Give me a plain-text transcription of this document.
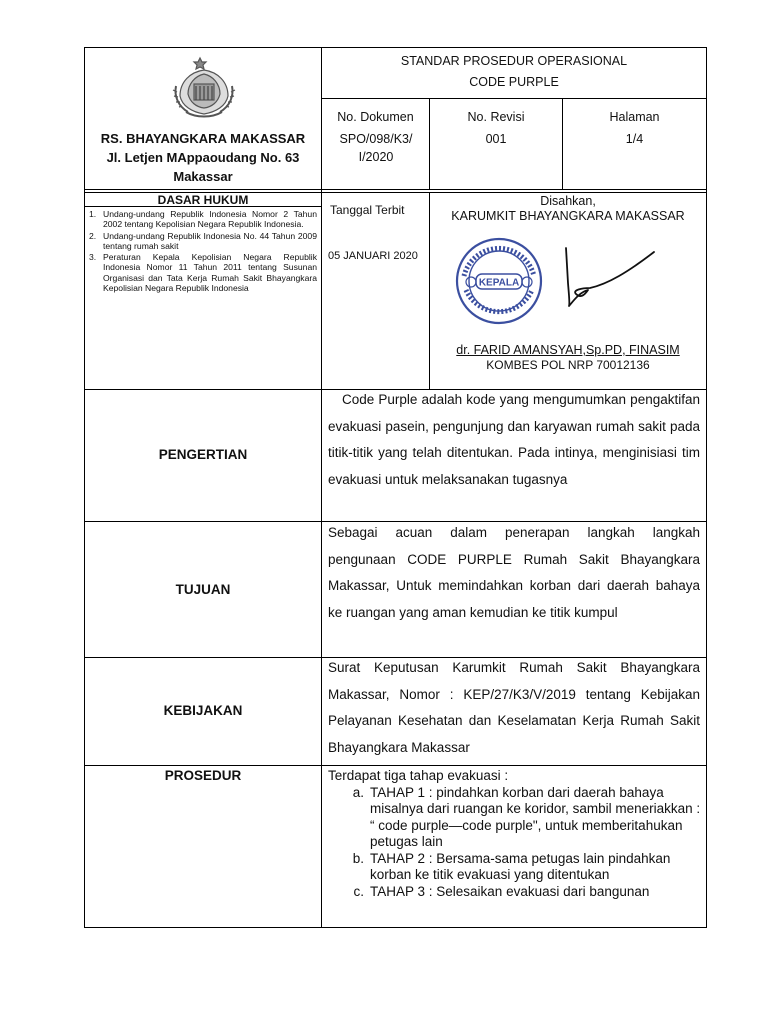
RS. BHAYANGKARA MAKASSAR
Jl. Letjen MAppaoudang No. 63
Makassar
STANDAR PROSEDUR OPERASIONAL
CODE PURPLE
No. Dokumen
SPO/098/K3/ I/2020
No. Revisi
001
Halaman
1/4
DASAR HUKUM
1. Undang-undang Republik Indonesia Nomor 2 Tahun 2002 tentang Kepolisian Negara Republik Indonesia.
2. Undang-undang Republik Indonesia No. 44 Tahun 2009 tentang rumah sakit
3. Peraturan Kepala Kepolisian Negara Republik Indonesia Nomor 11 Tahun 2011 tentang Susunan Organisasi dan Tata Kerja Rumah Sakit Bhayangkara Kepolisian Negara Republik Indonesia
Tanggal Terbit
05 JANUARI 2020
Disahkan,
KARUMKIT BHAYANGKARA MAKASSAR
KEPALA
dr. FARID AMANSYAH,Sp.PD, FINASIM
KOMBES POL NRP 70012136
PENGERTIAN
Code Purple adalah kode yang mengumumkan pengaktifan evakuasi pasein, pengunjung dan karyawan rumah sakit pada titik-titik yang telah ditentukan. Pada intinya, menginisiasi tim evakuasi untuk melaksanakan tugasnya
TUJUAN
Sebagai acuan dalam penerapan langkah langkah pengunaan CODE PURPLE Rumah Sakit Bhayangkara Makassar, Untuk memindahkan korban dari daerah bahaya ke ruangan yang aman kemudian ke titik kumpul
KEBIJAKAN
Surat Keputusan Karumkit Rumah Sakit Bhayangkara Makassar, Nomor : KEP/27/K3/V/2019 tentang Kebijakan Pelayanan Kesehatan dan Keselamatan Kerja Rumah Sakit Bhayangkara Makassar
PROSEDUR	Terdapat tiga tahap evakuasi :
a. TAHAP 1 : pindahkan korban dari daerah bahaya misalnya dari ruangan ke koridor, sambil meneriakkan : “ code purple—code purple", untuk memberitahukan petugas lain
b. TAHAP 2 : Bersama-sama petugas lain pindahkan korban ke titik evakuasi yang ditentukan
c. TAHAP 3 : Selesaikan evakuasi dari bangunan
